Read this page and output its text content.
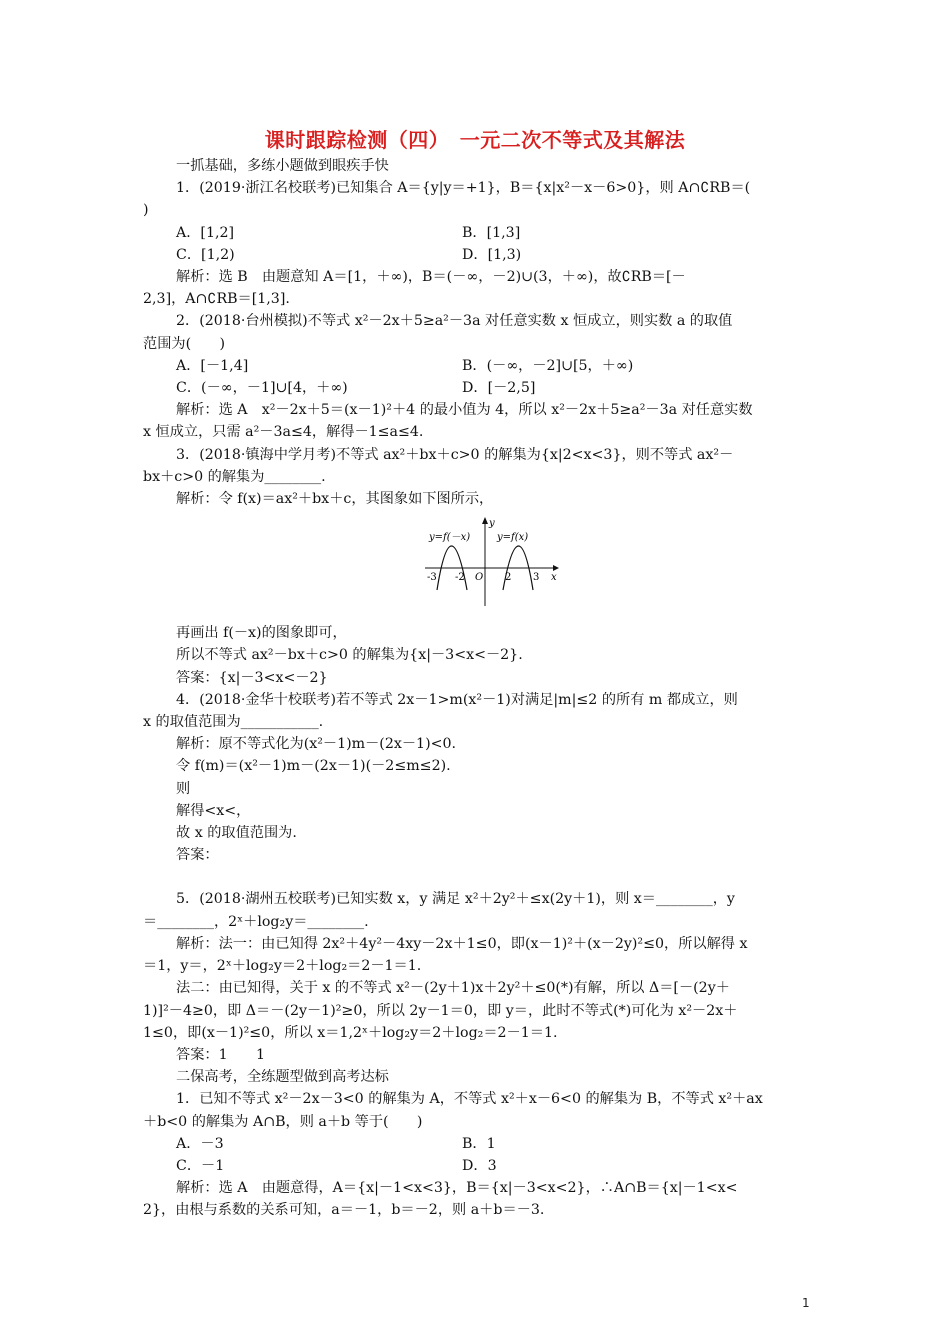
课时跟踪检测（四）　一元二次不等式及其解法

一抓基础，多练小题做到眼疾手快

1．(2019·浙江名校联考)已知集合 A＝{y|y＝+1}，B＝{x|x²－x－6>0}，则 A∩∁RB＝(

)

A．[1,2]	B．[1,3]
C．[1,2)	D．[1,3)

解析：选 B　由题意知 A＝[1，＋∞)，B＝(－∞，－2)∪(3，＋∞)，故∁RB＝[－

2,3]，A∩∁RB＝[1,3].

2．(2018·台州模拟)不等式 x²－2x＋5≥a²－3a 对任意实数 x 恒成立，则实数 a 的取值

范围为(　　)

A．[－1,4]	B．(－∞，－2]∪[5，＋∞)
C．(－∞，－1]∪[4，＋∞)	D．[－2,5]

解析：选 A　x²－2x＋5＝(x－1)²＋4 的最小值为 4，所以 x²－2x＋5≥a²－3a 对任意实数

x 恒成立，只需 a²－3a≤4，解得－1≤a≤4.

3．(2018·镇海中学月考)不等式 ax²＋bx＋c>0 的解集为{x|2<x<3}，则不等式 ax²－

bx＋c>0 的解集为________.

解析：令 f(x)＝ax²＋bx＋c，其图象如下图所示，

y=f(－x)	y=f(x)
y
x
O
-3 -2	2 3

再画出 f(－x)的图象即可，

所以不等式 ax²－bx＋c>0 的解集为{x|－3<x<－2}.

答案：{x|－3<x<－2}

4．(2018·金华十校联考)若不等式 2x－1>m(x²－1)对满足|m|≤2 的所有 m 都成立，则

x 的取值范围为___________.

解析：原不等式化为(x²－1)m－(2x－1)<0.

令 f(m)＝(x²－1)m－(2x－1)(－2≤m≤2).

则

解得<x<，

故 x 的取值范围为.

答案：

5．(2018·湖州五校联考)已知实数 x，y 满足 x²＋2y²＋≤x(2y＋1)，则 x＝________，y

＝________，2ˣ＋log₂y＝________.

解析：法一：由已知得 2x²＋4y²－4xy－2x＋1≤0，即(x－1)²＋(x－2y)²≤0，所以解得 x

＝1，y＝，2ˣ＋log₂y＝2＋log₂＝2－1＝1.

法二：由已知得，关于 x 的不等式 x²－(2y＋1)x＋2y²＋≤0(*)有解，所以 Δ＝[－(2y＋

1)]²－4≥0，即 Δ＝－(2y－1)²≥0，所以 2y－1＝0，即 y＝，此时不等式(*)可化为 x²－2x＋

1≤0，即(x－1)²≤0，所以 x＝1,2ˣ＋log₂y＝2＋log₂＝2－1＝1.

答案：1　　1

二保高考，全练题型做到高考达标

1．已知不等式 x²－2x－3<0 的解集为 A，不等式 x²＋x－6<0 的解集为 B，不等式 x²＋ax

＋b<0 的解集为 A∩B，则 a＋b 等于(　　)

A．－3	B．1
C．－1	D．3

解析：选 A　由题意得，A＝{x|－1<x<3}，B＝{x|－3<x<2}，∴A∩B＝{x|－1<x<

2}，由根与系数的关系可知，a＝－1，b＝－2，则 a＋b＝－3.

1
